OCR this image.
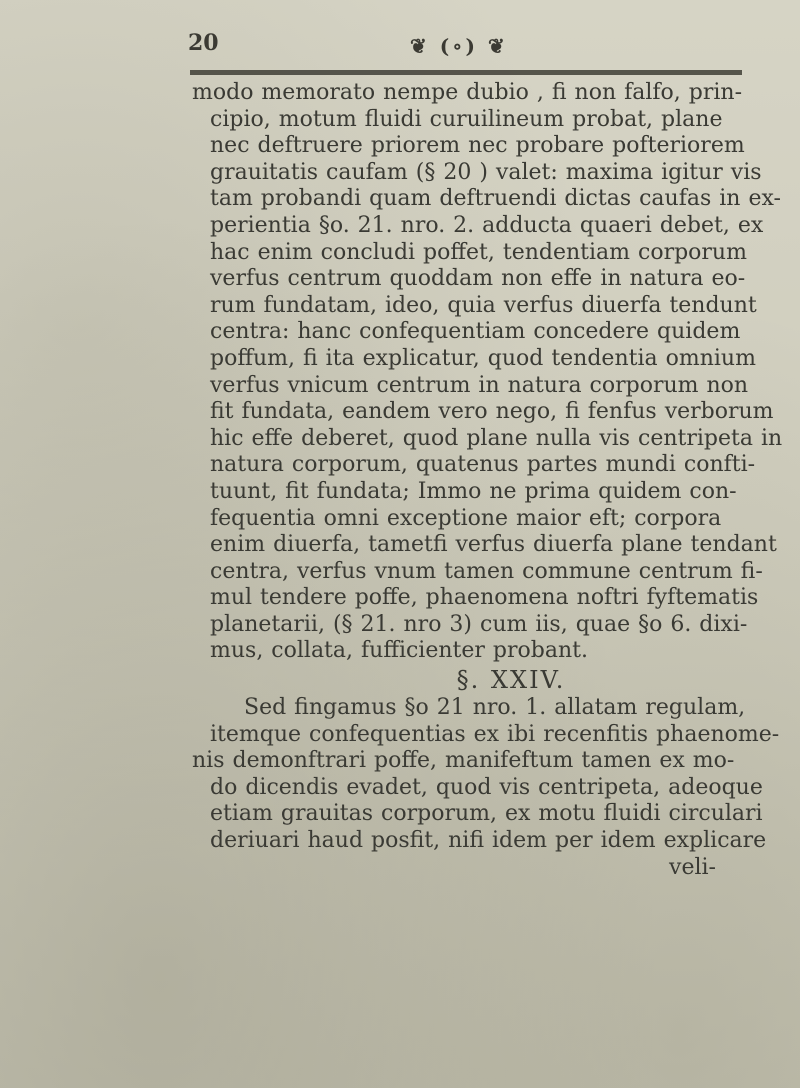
20	❦ (∘) ❦
modo memorato nempe dubio , fi non falfo, prin-
cipio, motum fluidi curuilineum probat, plane
nec deftruere priorem nec probare pofteriorem
grauitatis caufam (§ 20 ) valet: maxima igitur vis
tam probandi quam deftruendi dictas caufas in ex-
perientia §o. 21. nro. 2. adducta quaeri debet, ex
hac enim concludi poffet, tendentiam corporum
verfus centrum quoddam non effe in natura eo-
rum fundatam, ideo, quia verfus diuerfa tendunt
centra: hanc confequentiam concedere quidem
poffum, fi ita explicatur, quod tendentia omnium
verfus vnicum centrum in natura corporum non
fit fundata, eandem vero nego, fi fenfus verborum
hic effe deberet, quod plane nulla vis centripeta in
natura corporum, quatenus partes mundi confti-
tuunt, fit fundata; Immo ne prima quidem con-
fequentia omni exceptione maior eft; corpora
enim diuerfa, tametfi verfus diuerfa plane tendant
centra, verfus vnum tamen commune centrum fi-
mul tendere poffe, phaenomena noftri fyftematis
planetarii, (§ 21. nro 3) cum iis, quae §o 6. dixi-
mus, collata, fufficienter probant.
§. XXIV.
Sed fingamus §o 21 nro. 1. allatam regulam,
itemque confequentias ex ibi recenfitis phaenome-
nis demonftrari poffe, manifeftum tamen ex mo-
do dicendis evadet, quod vis centripeta, adeoque
etiam grauitas corporum, ex motu fluidi circulari
deriuari haud posfit, nifi idem per idem explicare
veli-
